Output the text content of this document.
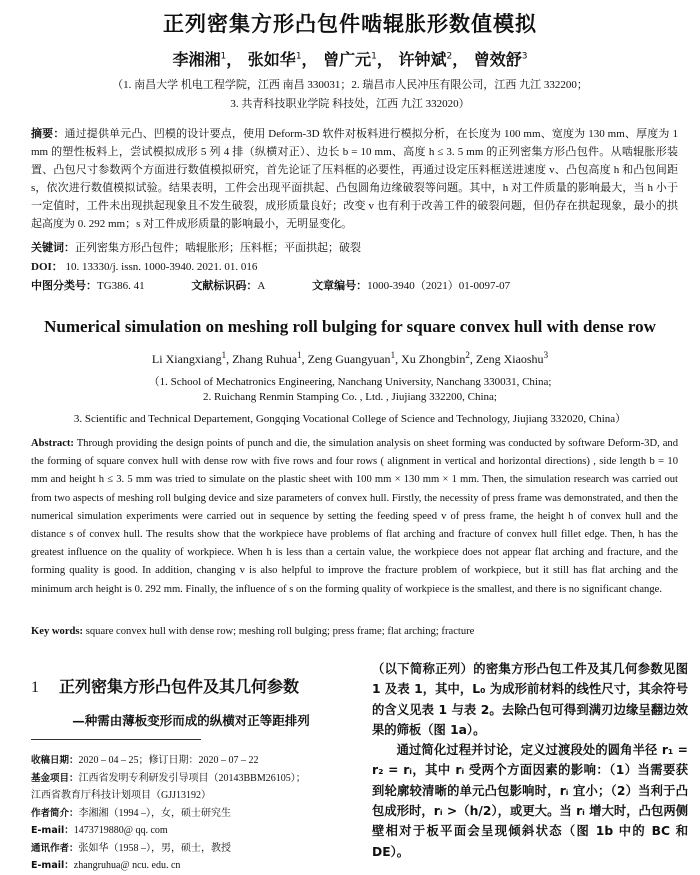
正列密集方形凸包件啮辊胀形数值模拟
李湘湘$^1$， 张如华$^1$， 曾广元$^1$， 许钟斌$^2$， 曾效舒$^3$
（1. 南昌大学 机电工程学院，江西 南昌 330031；2. 瑞昌市人民冲压有限公司，江西 九江 332200；
3. 共青科技职业学院 科技处，江西 九江 332020）
摘要：通过提供单元凸、凹模的设计要点，使用 Deform-3D 软件对板料进行模拟分析，在长度为 100 mm、宽度为 130 mm、厚度为 1 mm 的塑性板料上，尝试模拟成形 5 列 4 排（纵横对正）、边长 b = 10 mm、高度 h ≤ 3. 5 mm 的正列密集方形凸包件。从啮辊胀形装置、凸包尺寸参数两个方面进行数值模拟研究，首先论证了压料框的必要性，再通过设定压料框送进速度 v、凸包高度 h 和凸包间距 s，依次进行数值模拟试验。结果表明，工件会出现平面拱起、凸包圆角边缘破裂等问题。其中，h 对工件质量的影响最大，当 h 小于一定值时，工件未出现拱起现象且不发生破裂，成形质量良好；改变 v 也有利于改善工件的破裂问题，但仍存在拱起现象，最小的拱起高度为 0. 292 mm；s 对工件成形质量的影响最小，无明显变化。
关键词：正列密集方形凸包件；啮辊胀形；压料框；平面拱起；破裂
DOI： 10. 13330/j. issn. 1000-3940. 2021. 01. 016
中图分类号：TG386. 41	文献标识码：A	文章编号：1000-3940（2021）01-0097-07
Numerical simulation on meshing roll bulging for square convex hull with dense row
Li Xiangxiang$^1$, Zhang Ruhua$^1$, Zeng Guangyuan$^1$, Xu Zhongbin$^2$, Zeng Xiaoshu$^3$
（1. School of Mechatronics Engineering, Nanchang University, Nanchang 330031, China;
2. Ruichang Renmin Stamping Co. , Ltd. , Jiujiang 332200, China;
3. Scientific and Technical Departement, Gongqing Vocational College of Science and Technology, Jiujiang 332020, China）
Abstract: Through providing the design points of punch and die, the simulation analysis on sheet forming was conducted by software Deform-3D, and the forming of square convex hull with dense row with five rows and four rows ( alignment in vertical and horizontal directions) , side length b = 10 mm and height h ≤ 3. 5 mm was tried to simulate on the plastic sheet with 100 mm × 130 mm × 1 mm. Then, the simulation research was carried out from two aspects of meshing roll bulging device and size parameters of convex hull. Firstly, the necessity of press frame was demonstrated, and then the numerical simulation experiments were carried out in sequence by setting the feeding speed v of press frame, the height h of convex hull and the distance s of convex hull. The results show that the workpiece have problems of flat arching and fracture of convex hull fillet edge. Then, h has the greatest influence on the quality of workpiece. When h is less than a certain value, the workpiece does not appear flat arching and fracture, and the forming quality is good. In addition, changing v is also helpful to improve the fracture problem of workpiece, but it still has flat arching and the minimum arch height is 0. 292 mm. Finally, the influence of s on the forming quality of workpiece is the smallest, and there is no significant change.
Key words: square convex hull with dense row; meshing roll bulging; press frame; flat arching; fracture
1 正列密集方形凸包件及其几何参数
—种需由薄板变形而成的纵横对正等距排列
收稿日期：2020 – 04 – 25；修订日期：2020 – 07 – 22
基金项目：江西省发明专利研发引导项目（20143BBM26105）；
江西省教育厅科技计划项目（GJJ13192）
作者简介：李湘湘（1994 –），女，硕士研究生
E-mail：1473719880@ qq. com
通讯作者：张如华（1958 –），男，硕士，教授
E-mail：zhangruhua@ ncu. edu. cn

（以下简称正列）的密集方形凸包工件及其几何参数见图 1 及表 1，其中，L₀ 为成形前材料的线性尺寸，其余符号的含义见表 1 与表 2。去除凸包可得到满刃边缘呈翻边效果的筛板（图 1a）。

通过简化过程并讨论，定义过渡段处的圆角半径 r₁ = r₂ = rᵢ，其中 rᵢ 受两个方面因素的影响：（1）当需要获到轮廓较清晰的单元凸包影响时，rᵢ 宜小；（2）当利于凸包成形时，rᵢ >（h/2），或更大。当 rᵢ 增大时，凸包两侧壁相对于板平面会呈现倾斜状态（图 1b 中的 BC 和 DE）。
